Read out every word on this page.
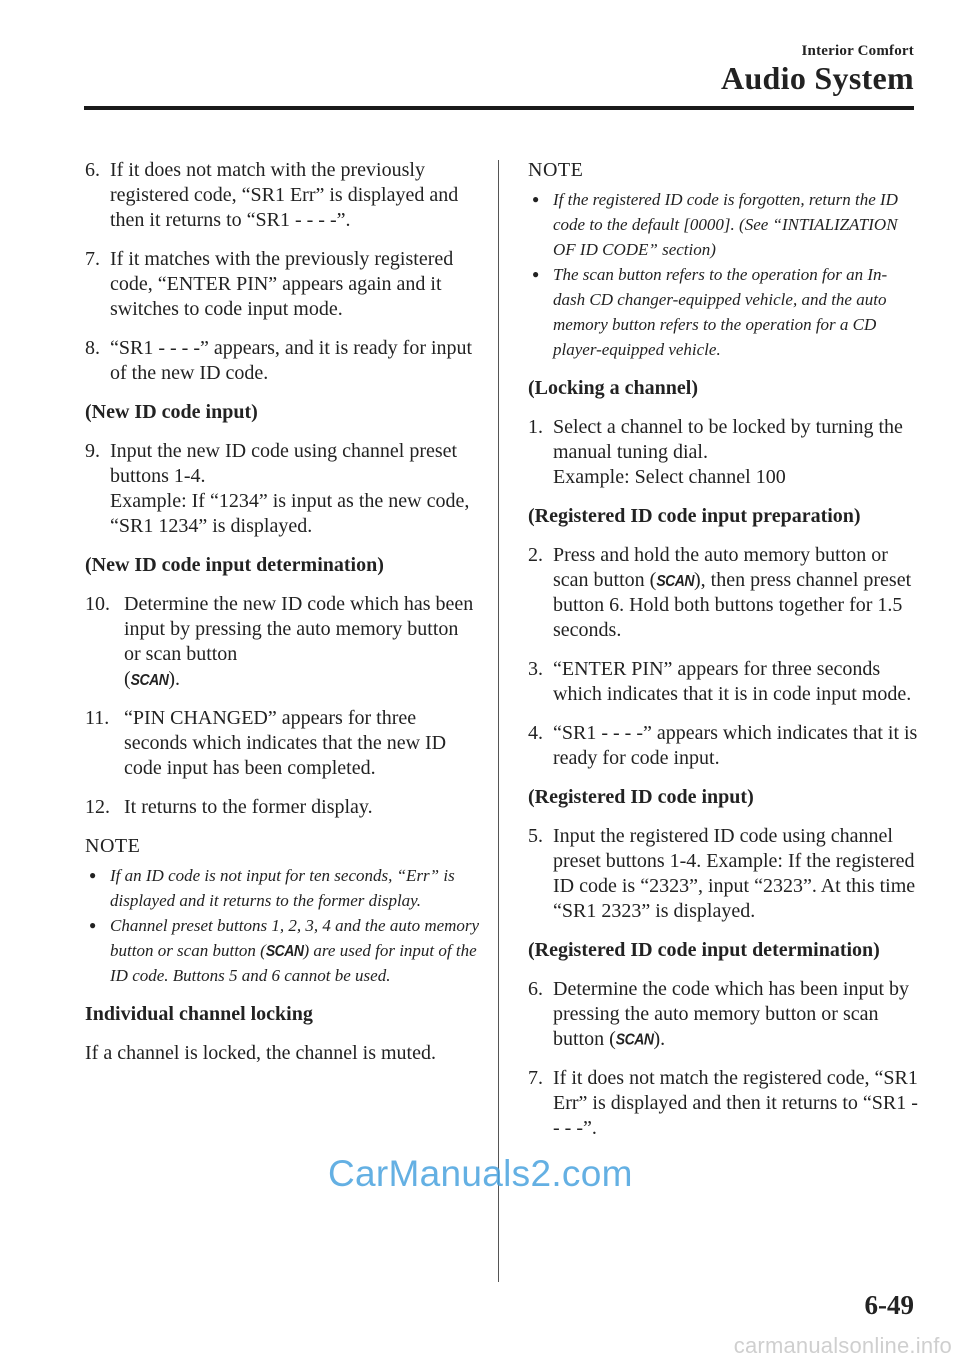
Interior Comfort
Audio System

6. If it does not match with the previously registered code, “SR1 Err” is displayed and then it returns to “SR1 - - - -”.

7. If it matches with the previously registered code, “ENTER PIN” appears again and it switches to code input mode.

8. “SR1 - - - -” appears, and it is ready for input of the new ID code.

(New ID code input)

9. Input the new ID code using channel preset buttons 1-4.
Example: If “1234” is input as the new code, “SR1 1234” is displayed.

(New ID code input determination)

10. Determine the new ID code which has been input by pressing the auto memory button or scan button
(SCAN).

11. “PIN CHANGED” appears for three seconds which indicates that the new ID code input has been completed.

12. It returns to the former display.

NOTE

● If an ID code is not input for ten seconds, “Err” is displayed and it returns to the former display.
● Channel preset buttons 1, 2, 3, 4 and the auto memory button or scan button (SCAN) are used for input of the ID code. Buttons 5 and 6 cannot be used.

Individual channel locking

If a channel is locked, the channel is muted.

NOTE

● If the registered ID code is forgotten, return the ID code to the default [0000]. (See “INTIALIZATION OF ID CODE” section)
● The scan button refers to the operation for an In-dash CD changer-equipped vehicle, and the auto memory button refers to the operation for a CD player-equipped vehicle.

(Locking a channel)

1. Select a channel to be locked by turning the manual tuning dial.
Example: Select channel 100

(Registered ID code input preparation)

2. Press and hold the auto memory button or scan button (SCAN), then press channel preset button 6. Hold both buttons together for 1.5 seconds.

3. “ENTER PIN” appears for three seconds which indicates that it is in code input mode.

4. “SR1 - - - -” appears which indicates that it is ready for code input.

(Registered ID code input)

5. Input the registered ID code using channel preset buttons 1-4. Example: If the registered ID code is “2323”, input “2323”. At this time “SR1 2323” is displayed.

(Registered ID code input determination)

6. Determine the code which has been input by pressing the auto memory button or scan button (SCAN).

7. If it does not match the registered code, “SR1 Err” is displayed and then it returns to “SR1 - - - -”.

CarManuals2.com
6-49
carmanualsonline.info
